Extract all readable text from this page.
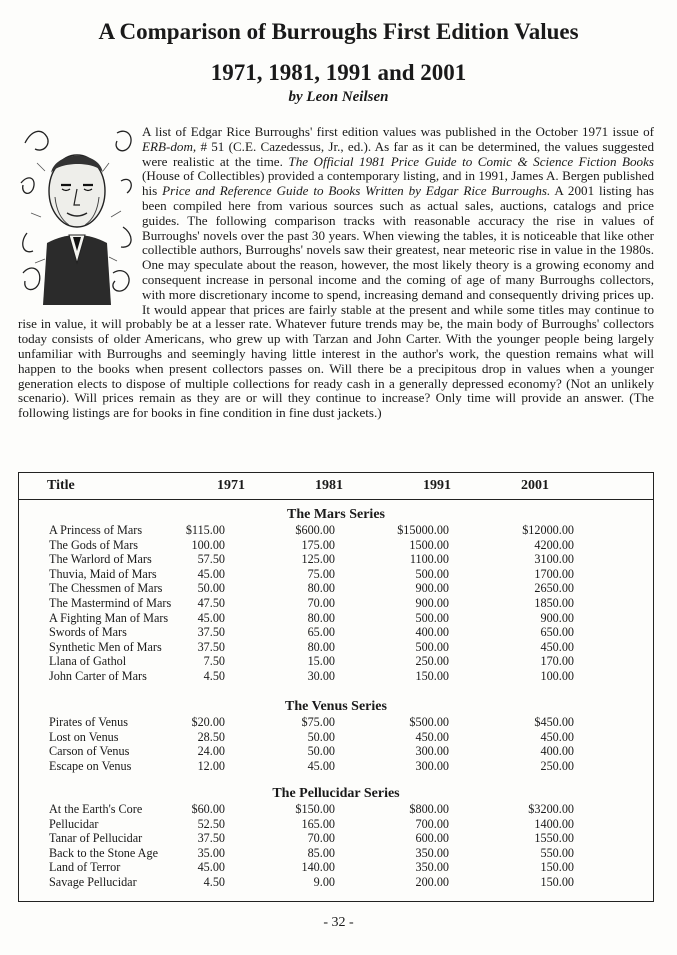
A Comparison of Burroughs First Edition Values
1971, 1981, 1991 and 2001
by Leon Neilsen

A list of Edgar Rice Burroughs' first edition values was published in the October 1971 issue of ERB-dom, # 51 (C.E. Cazedessus, Jr., ed.). As far as it can be determined, the values suggested were realistic at the time. The Official 1981 Price Guide to Comic & Science Fiction Books (House of Collectibles) provided a contemporary listing, and in 1991, James A. Bergen published his Price and Reference Guide to Books Written by Edgar Rice Burroughs. A 2001 listing has been compiled here from various sources such as actual sales, auctions, catalogs and price guides. The following comparison tracks with reasonable accuracy the rise in values of Burroughs' novels over the past 30 years. When viewing the tables, it is noticeable that like other collectible authors, Burroughs' novels saw their greatest, near meteoric rise in value in the 1980s. One may speculate about the reason, however, the most likely theory is a growing economy and consequent increase in personal income and the coming of age of many Burroughs collectors, with more discretionary income to spend, increasing demand and consequently driving prices up. It would appear that prices are fairly stable at the present and while some titles may continue to rise in value, it will probably be at a lesser rate. Whatever future trends may be, the main body of Burroughs' collectors today consists of older Americans, who grew up with Tarzan and John Carter. With the younger people being largely unfamiliar with Burroughs and seemingly having little interest in the author's work, the question remains what will happen to the books when present collectors passes on. Will there be a precipitous drop in values when a younger generation elects to dispose of multiple collections for ready cash in a generally depressed economy? (Not an unlikely scenario). Will prices remain as they are or will they continue to increase? Only time will provide an answer. (The following listings are for books in fine condition in fine dust jackets.)

Title	1971	1981	1991	2001
The Mars Series
A Princess of Mars	$115.00	$600.00	$15000.00	$12000.00
The Gods of Mars	100.00	175.00	1500.00	4200.00
The Warlord of Mars	57.50	125.00	1100.00	3100.00
Thuvia, Maid of Mars	45.00	75.00	500.00	1700.00
The Chessmen of Mars	50.00	80.00	900.00	2650.00
The Mastermind of Mars 47.50	70.00	900.00	1850.00
A Fighting Man of Mars 45.00	80.00	500.00	900.00
Swords of Mars	37.50	65.00	400.00	650.00
Synthetic Men of Mars	37.50	80.00	500.00	450.00
Llana of Gathol	7.50	15.00	250.00	170.00
John Carter of Mars	4.50	30.00	150.00	100.00
The Venus Series
Pirates of Venus	$20.00	$75.00	$500.00	$450.00
Lost on Venus	28.50	50.00	450.00	450.00
Carson of Venus	24.00	50.00	300.00	400.00
Escape on Venus	12.00	45.00	300.00	250.00
The Pellucidar Series
At the Earth's Core	$60.00	$150.00	$800.00	$3200.00
Pellucidar	52.50	165.00	700.00	1400.00
Tanar of Pellucidar	37.50	70.00	600.00	1550.00
Back to the Stone Age	35.00	85.00	350.00	550.00
Land of Terror	45.00	140.00	350.00	150.00
Savage Pellucidar	4.50	9.00	200.00	150.00
- 32 -
